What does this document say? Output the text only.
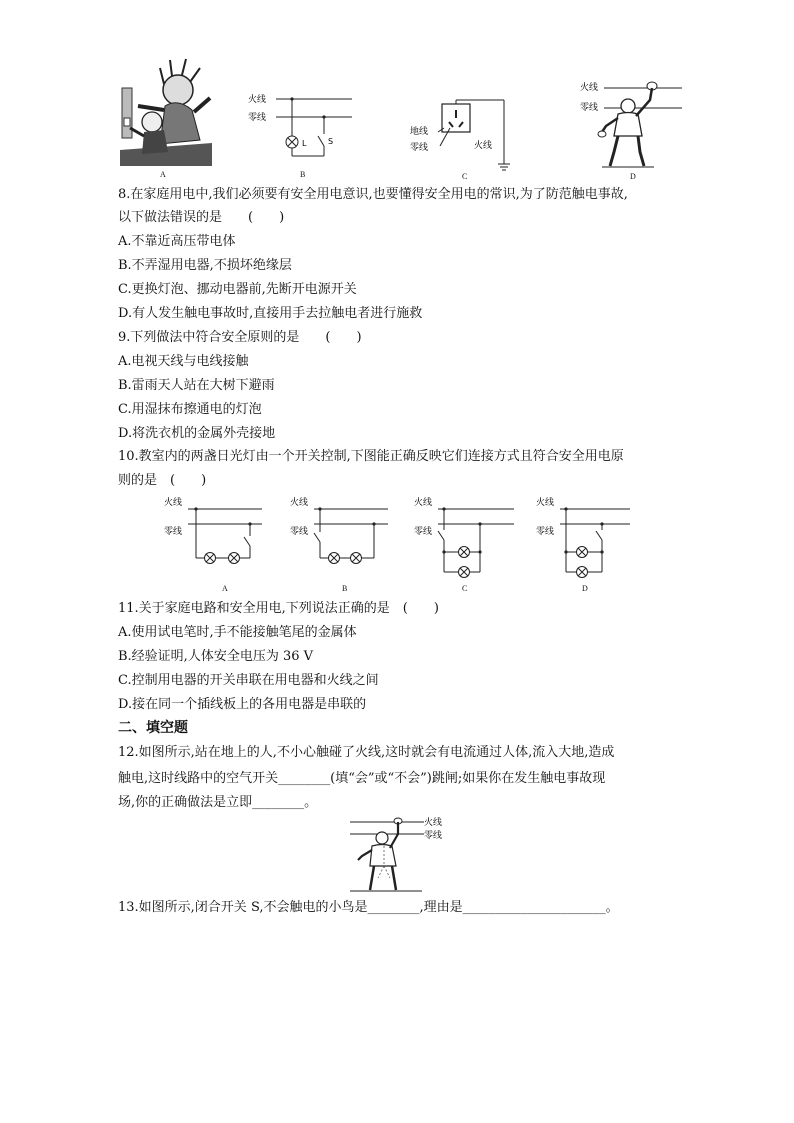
A
火线
零线
L	S
B
地线
零线	火线
C
火线
零线
D
8.在家庭用电中,我们必须要有安全用电意识,也要懂得安全用电的常识,为了防范触电事故,
以下做法错误的是　　(　　)
A.不靠近高压带电体
B.不弄湿用电器,不损坏绝缘层
C.更换灯泡、挪动电器前,先断开电源开关
D.有人发生触电事故时,直接用手去拉触电者进行施救
9.下列做法中符合安全原则的是　　(　　)
A.电视天线与电线接触
B.雷雨天人站在大树下避雨
C.用湿抹布擦通电的灯泡
D.将洗衣机的金属外壳接地
10.教室内的两盏日光灯由一个开关控制,下图能正确反映它们连接方式且符合安全用电原
则的是　(　　)
火线
零线
A
火线
零线
B
火线
零线
C
火线
零线
D
11.关于家庭电路和安全用电,下列说法正确的是　(　　)
A.使用试电笔时,手不能接触笔尾的金属体
B.经验证明,人体安全电压为 36 V
C.控制用电器的开关串联在用电器和火线之间
D.接在同一个插线板上的各用电器是串联的
二、填空题
12.如图所示,站在地上的人,不小心触碰了火线,这时就会有电流通过人体,流入大地,造成
触电,这时线路中的空气开关________(填“会”或“不会”)跳闸;如果你在发生触电事故现
场,你的正确做法是立即________。
火线
零线
13.如图所示,闭合开关 S,不会触电的小鸟是________,理由是______________________。
